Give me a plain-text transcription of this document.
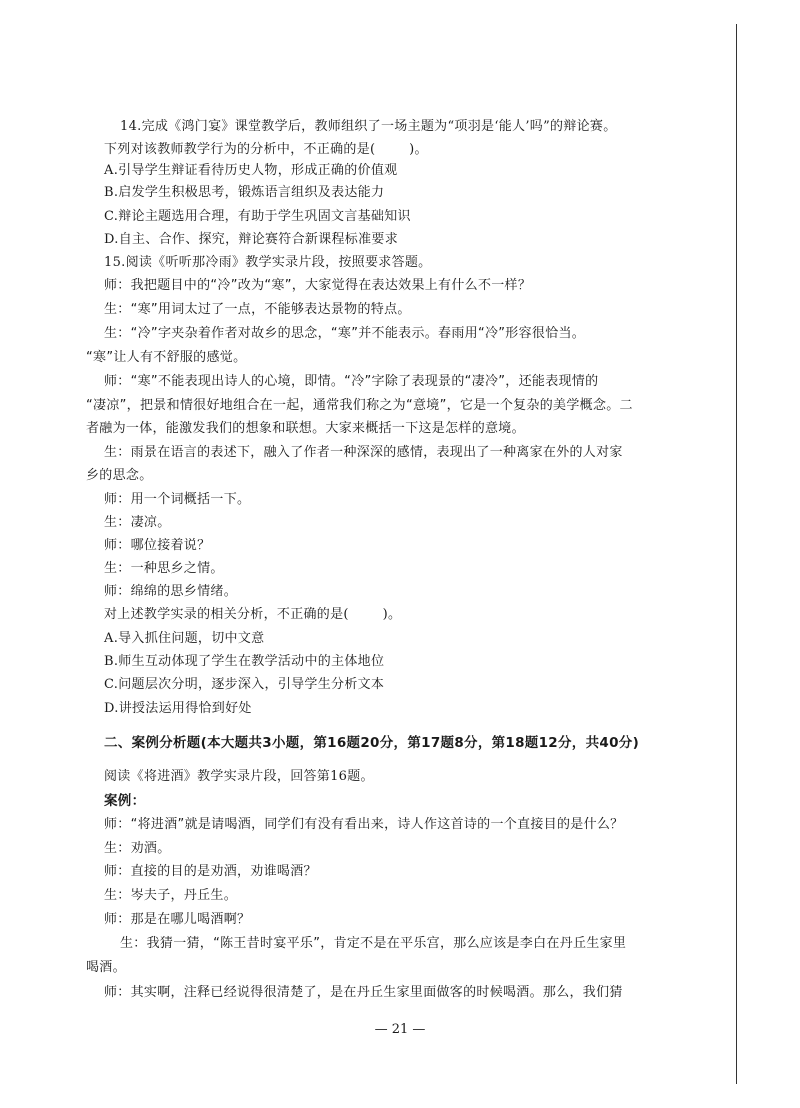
14.完成《鸿门宴》课堂教学后，教师组织了一场主题为“项羽是‘能人’吗”的辩论赛。
下列对该教师教学行为的分析中，不正确的是(	)。
A.引导学生辩证看待历史人物，形成正确的价值观
B.启发学生积极思考，锻炼语言组织及表达能力
C.辩论主题选用合理，有助于学生巩固文言基础知识
D.自主、合作、探究，辩论赛符合新课程标准要求
15.阅读《听听那冷雨》教学实录片段，按照要求答题。
师：我把题目中的“冷”改为“寒”，大家觉得在表达效果上有什么不一样？
生：“寒”用词太过了一点，不能够表达景物的特点。
生：“冷”字夹杂着作者对故乡的思念，“寒”并不能表示。春雨用“冷”形容很恰当。
“寒”让人有不舒服的感觉。
师：“寒”不能表现出诗人的心境，即情。“冷”字除了表现景的“凄冷”，还能表现情的
“凄凉”，把景和情很好地组合在一起，通常我们称之为“意境”，它是一个复杂的美学概念。二
者融为一体，能激发我们的想象和联想。大家来概括一下这是怎样的意境。
生：雨景在语言的表述下，融入了作者一种深深的感情，表现出了一种离家在外的人对家
乡的思念。
师：用一个词概括一下。
生：凄凉。
师：哪位接着说？
生：一种思乡之情。
师：绵绵的思乡情绪。
对上述教学实录的相关分析，不正确的是(	)。
A.导入抓住问题，切中文意
B.师生互动体现了学生在教学活动中的主体地位
C.问题层次分明，逐步深入，引导学生分析文本
D.讲授法运用得恰到好处
二、案例分析题(本大题共3小题，第16题20分，第17题8分，第18题12分，共40分)
阅读《将进酒》教学实录片段，回答第16题。
案例：
师：“将进酒”就是请喝酒，同学们有没有看出来，诗人作这首诗的一个直接目的是什么？
生：劝酒。
师：直接的目的是劝酒，劝谁喝酒？
生：岑夫子，丹丘生。
师：那是在哪儿喝酒啊？
生：我猜一猜，“陈王昔时宴平乐”，肯定不是在平乐宫，那么应该是李白在丹丘生家里
喝酒。
师：其实啊，注释已经说得很清楚了，是在丹丘生家里面做客的时候喝酒。那么，我们猜
— 21 —
